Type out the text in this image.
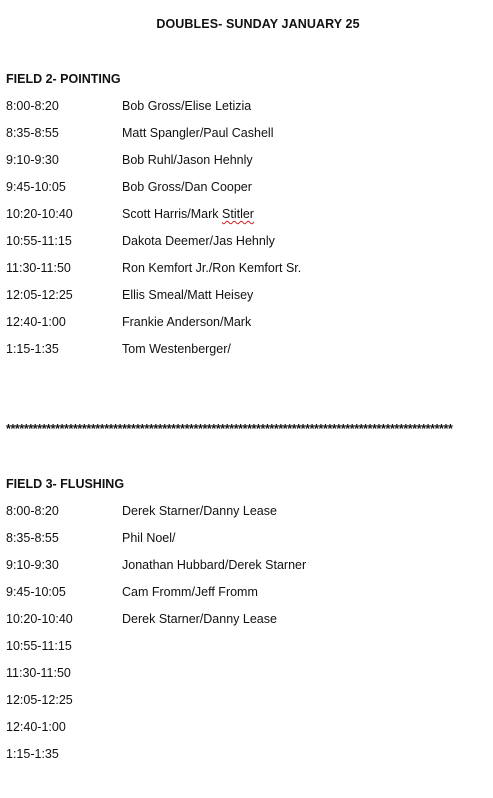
DOUBLES- SUNDAY JANUARY 25
FIELD 2- POINTING
8:00-8:20	Bob Gross/Elise Letizia
8:35-8:55	Matt Spangler/Paul Cashell
9:10-9:30	Bob Ruhl/Jason Hehnly
9:45-10:05	Bob Gross/Dan Cooper
10:20-10:40	Scott Harris/Mark Stitler
10:55-11:15	Dakota Deemer/Jas Hehnly
11:30-11:50	Ron Kemfort Jr./Ron Kemfort Sr.
12:05-12:25	Ellis Smeal/Matt Heisey
12:40-1:00	Frankie Anderson/Mark
1:15-1:35	Tom Westenberger/
****************************************************************************************************
FIELD 3- FLUSHING
8:00-8:20	Derek Starner/Danny Lease
8:35-8:55	Phil Noel/
9:10-9:30	Jonathan Hubbard/Derek Starner
9:45-10:05	Cam Fromm/Jeff Fromm
10:20-10:40	Derek Starner/Danny Lease
10:55-11:15
11:30-11:50
12:05-12:25
12:40-1:00
1:15-1:35
